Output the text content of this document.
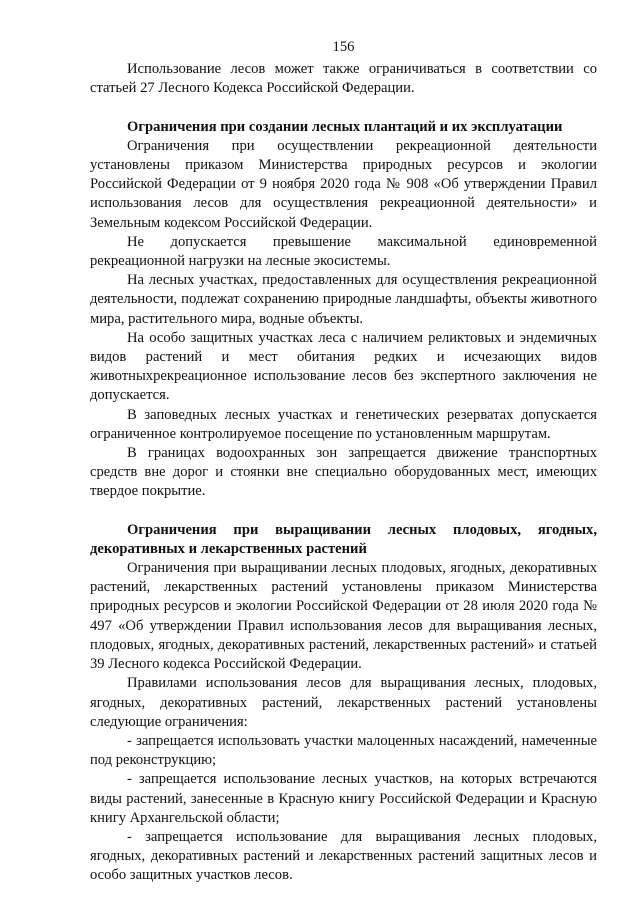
156

Использование лесов может также ограничиваться в соответствии со статьей 27 Лесного Кодекса Российской Федерации.

Ограничения при создании лесных плантаций и их эксплуатации

Ограничения при осуществлении рекреационной деятельности установлены приказом Министерства природных ресурсов и экологии Российской Федерации от 9 ноября 2020 года № 908 «Об утверждении Правил использования лесов для осуществления рекреационной деятельности» и Земельным кодексом Российской Федерации.

Не допускается превышение максимальной единовременной рекреационной нагрузки на лесные экосистемы.

На лесных участках, предоставленных для осуществления рекреационной деятельности, подлежат сохранению природные ландшафты, объекты животного мира, растительного мира, водные объекты.

На особо защитных участках леса с наличием реликтовых и эндемичных видов растений и мест обитания редких и исчезающих видов животныхрекреационное использование лесов без экспертного заключения не допускается.

В заповедных лесных участках и генетических резерватах допускается ограниченное контролируемое посещение по установленным маршрутам.

В границах водоохранных зон запрещается движение транспортных средств вне дорог и стоянки вне специально оборудованных мест, имеющих твердое покрытие.

Ограничения при выращивании лесных плодовых, ягодных, декоративных и лекарственных растений

Ограничения при выращивании лесных плодовых, ягодных, декоративных растений, лекарственных растений установлены приказом Министерства природных ресурсов и экологии Российской Федерации от 28 июля 2020 года № 497 «Об утверждении Правил использования лесов для выращивания лесных, плодовых, ягодных, декоративных растений, лекарственных растений» и статьей 39 Лесного кодекса Российской Федерации.

Правилами использования лесов для выращивания лесных, плодовых, ягодных, декоративных растений, лекарственных растений установлены следующие ограничения:

- запрещается использовать участки малоценных насаждений, намеченные под реконструкцию;

- запрещается использование лесных участков, на которых встречаются виды растений, занесенные в Красную книгу Российской Федерации и Красную книгу Архангельской области;

- запрещается использование для выращивания лесных плодовых, ягодных, декоративных растений и лекарственных растений защитных лесов и особо защитных участков лесов.
